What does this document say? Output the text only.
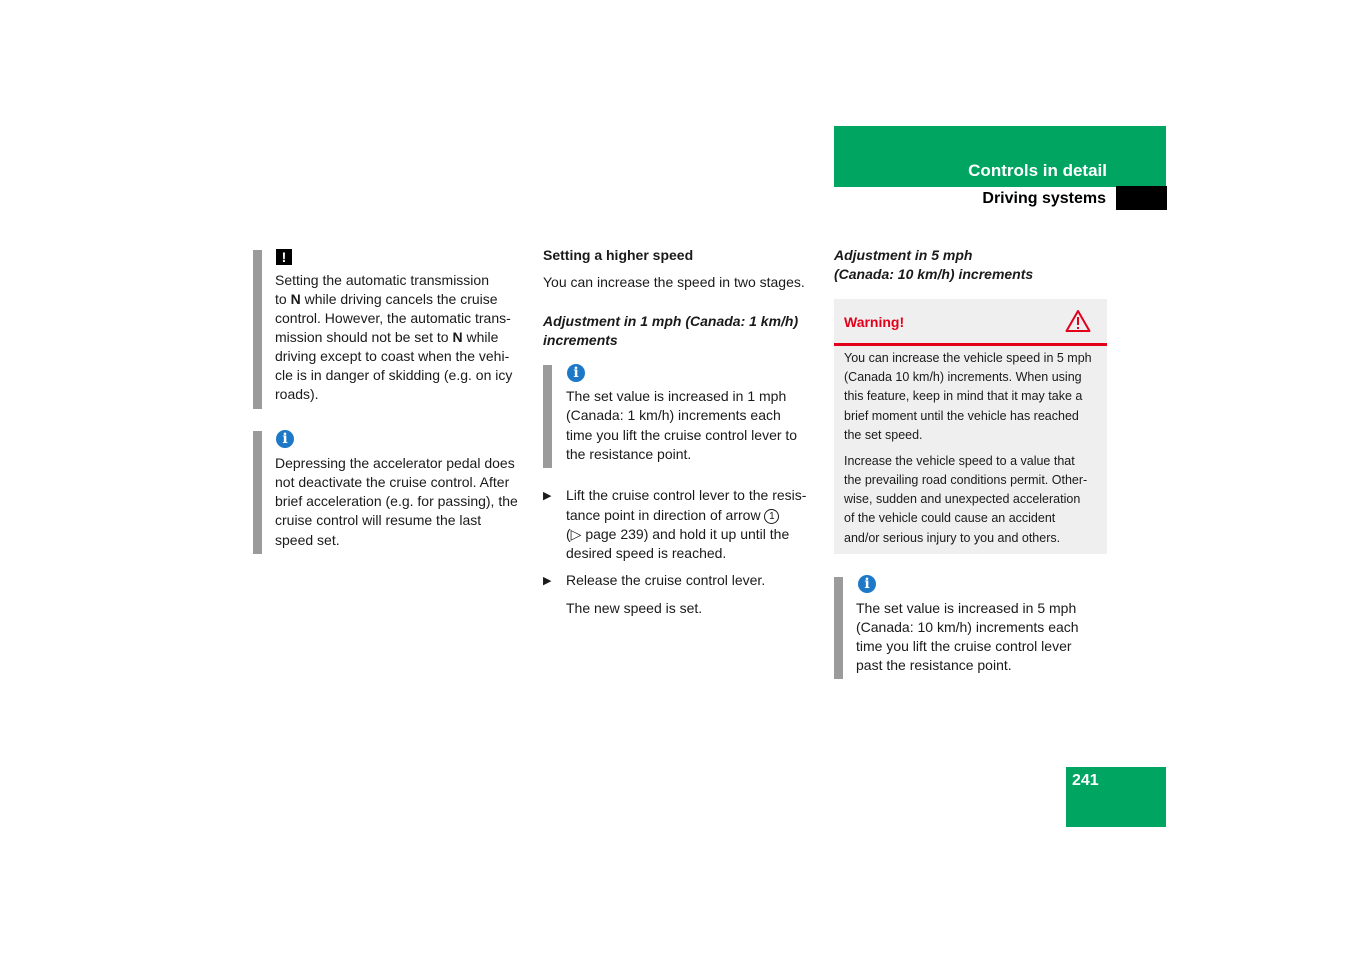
Controls in detail
Driving systems
!

Setting the automatic transmission

to N while driving cancels the cruise

control. However, the automatic trans-

mission should not be set to N while

driving except to coast when the vehi-

cle is in danger of skidding (e.g. on icy

roads).

i

Depressing the accelerator pedal does

not deactivate the cruise control. After

brief acceleration (e.g. for passing), the

cruise control will resume the last

speed set.

Setting a higher speed

You can increase the speed in two stages.

Adjustment in 1 mph (Canada: 1 km/h)

increments

i

The set value is increased in 1 mph

(Canada: 1 km/h) increments each

time you lift the cruise control lever to

the resistance point.

▶ Lift the cruise control lever to the resis-

tance point in direction of arrow 1

(▷ page 239) and hold it up until the

desired speed is reached.

▶ Release the cruise control lever.

The new speed is set.

Adjustment in 5 mph

(Canada: 10 km/h) increments

Warning!

You can increase the vehicle speed in 5 mph

(Canada 10 km/h) increments. When using

this feature, keep in mind that it may take a

brief moment until the vehicle has reached

the set speed.

Increase the vehicle speed to a value that

the prevailing road conditions permit. Other-

wise, sudden and unexpected acceleration

of the vehicle could cause an accident

and/or serious injury to you and others.

i

The set value is increased in 5 mph

(Canada: 10 km/h) increments each

time you lift the cruise control lever

past the resistance point.

241
